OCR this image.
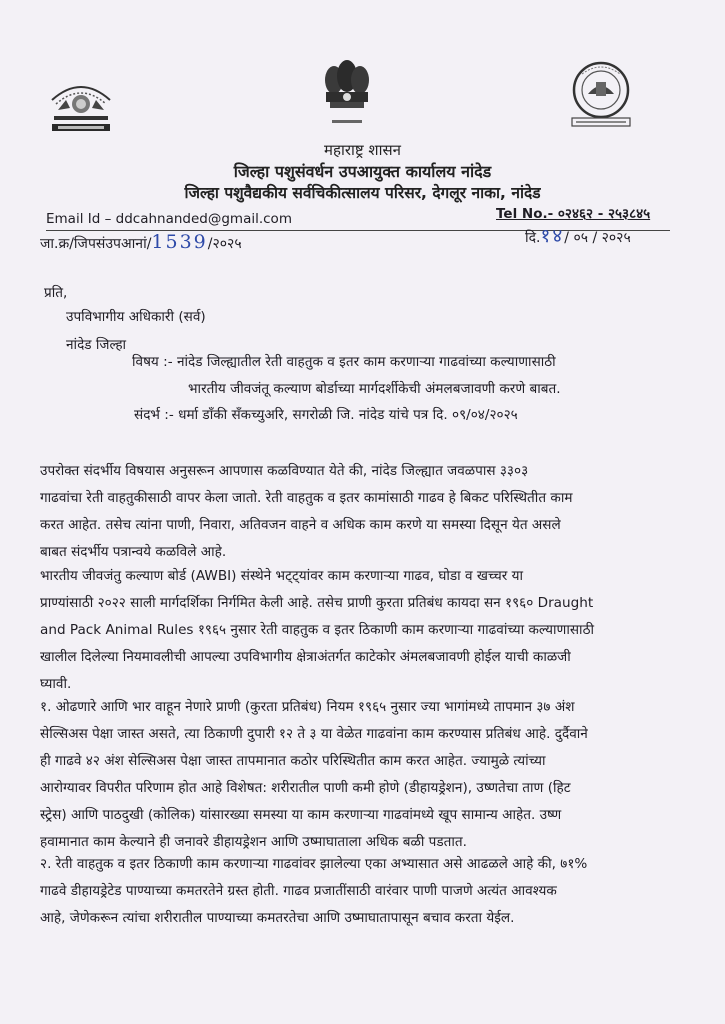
महाराष्ट्र शासन
जिल्हा पशुसंवर्धन उपआयुक्त कार्यालय नांदेड
जिल्हा पशुवैद्यकीय सर्वचिकीत्सालय परिसर, देगलूर नाका, नांदेड
Email Id – ddcahnanded@gmail.com	Tel No.- ०२४६२ - २५३८४५
जा.क्र/जिपसंउपआनां/1539/२०२५	दि.१४/ ०५ / २०२५
प्रति,
उपविभागीय अधिकारी (सर्व)
नांदेड जिल्हा
विषय :- नांदेड जिल्ह्यातील रेती वाहतुक व इतर काम करणाऱ्या गाढवांच्या कल्याणासाठी
भारतीय जीवजंतू कल्याण बोर्डाच्या मार्गदर्शीकेची अंमलबजावणी करणे बाबत.
संदर्भ :- धर्मा डाँकी सँकच्युअरि, सगरोळी जि. नांदेड यांचे पत्र दि. ०९/०४/२०२५

उपरोक्त संदर्भीय विषयास अनुसरून आपणास कळविण्यात येते की, नांदेड जिल्ह्यात जवळपास ३३०३

गाढवांचा रेती वाहतुकीसाठी वापर केला जातो. रेती वाहतुक व इतर कामांसाठी गाढव हे बिकट परिस्थितीत काम

करत आहेत. तसेच त्यांना पाणी, निवारा, अतिवजन वाहने व अधिक काम करणे या समस्या दिसून येत असले

बाबत संदर्भीय पत्रान्वये कळविले आहे.

भारतीय जीवजंतु कल्याण बोर्ड (AWBI) संस्थेने भट्ट्यांवर काम करणाऱ्या गाढव, घोडा व खच्चर या

प्राण्यांसाठी २०२२ साली मार्गदर्शिका निर्गमित केली आहे. तसेच प्राणी कुरता प्रतिबंध कायदा सन १९६० Draught

and Pack Animal Rules १९६५ नुसार रेती वाहतुक व इतर ठिकाणी काम करणाऱ्या गाढवांच्या कल्याणासाठी

खालील दिलेल्या नियमावलीची आपल्या उपविभागीय क्षेत्राअंतर्गत काटेकोर अंमलबजावणी होईल याची काळजी

घ्यावी.

१. ओढणारे आणि भार वाहून नेणारे प्राणी (कुरता प्रतिबंध) नियम १९६५ नुसार ज्या भागांमध्ये तापमान ३७ अंश

सेल्सिअस पेक्षा जास्त असते, त्या ठिकाणी दुपारी १२ ते ३ या वेळेत गाढवांना काम करण्यास प्रतिबंध आहे. दुर्दैवाने

ही गाढवे ४२ अंश सेल्सिअस पेक्षा जास्त तापमानात कठोर परिस्थितीत काम करत आहेत. ज्यामुळे त्यांच्या

आरोग्यावर विपरीत परिणाम होत आहे विशेषत: शरीरातील पाणी कमी होणे (डीहायड्रेशन), उष्णतेचा ताण (हिट

स्ट्रेस) आणि पाठदुखी (कोलिक) यांसारख्या समस्या या काम करणाऱ्या गाढवांमध्ये खूप सामान्य आहेत. उष्ण

हवामानात काम केल्याने ही जनावरे डीहायड्रेशन आणि उष्माघाताला अधिक बळी पडतात.

२. रेती वाहतुक व इतर ठिकाणी काम करणाऱ्या गाढवांवर झालेल्या एका अभ्यासात असे आढळले आहे की, ७१%

गाढवे डीहायड्रेटेड पाण्याच्या कमतरतेने ग्रस्त होती. गाढव प्रजातींसाठी वारंवार पाणी पाजणे अत्यंत आवश्यक

आहे, जेणेकरून त्यांचा शरीरातील पाण्याच्या कमतरतेचा आणि उष्माघातापासून बचाव करता येईल.
